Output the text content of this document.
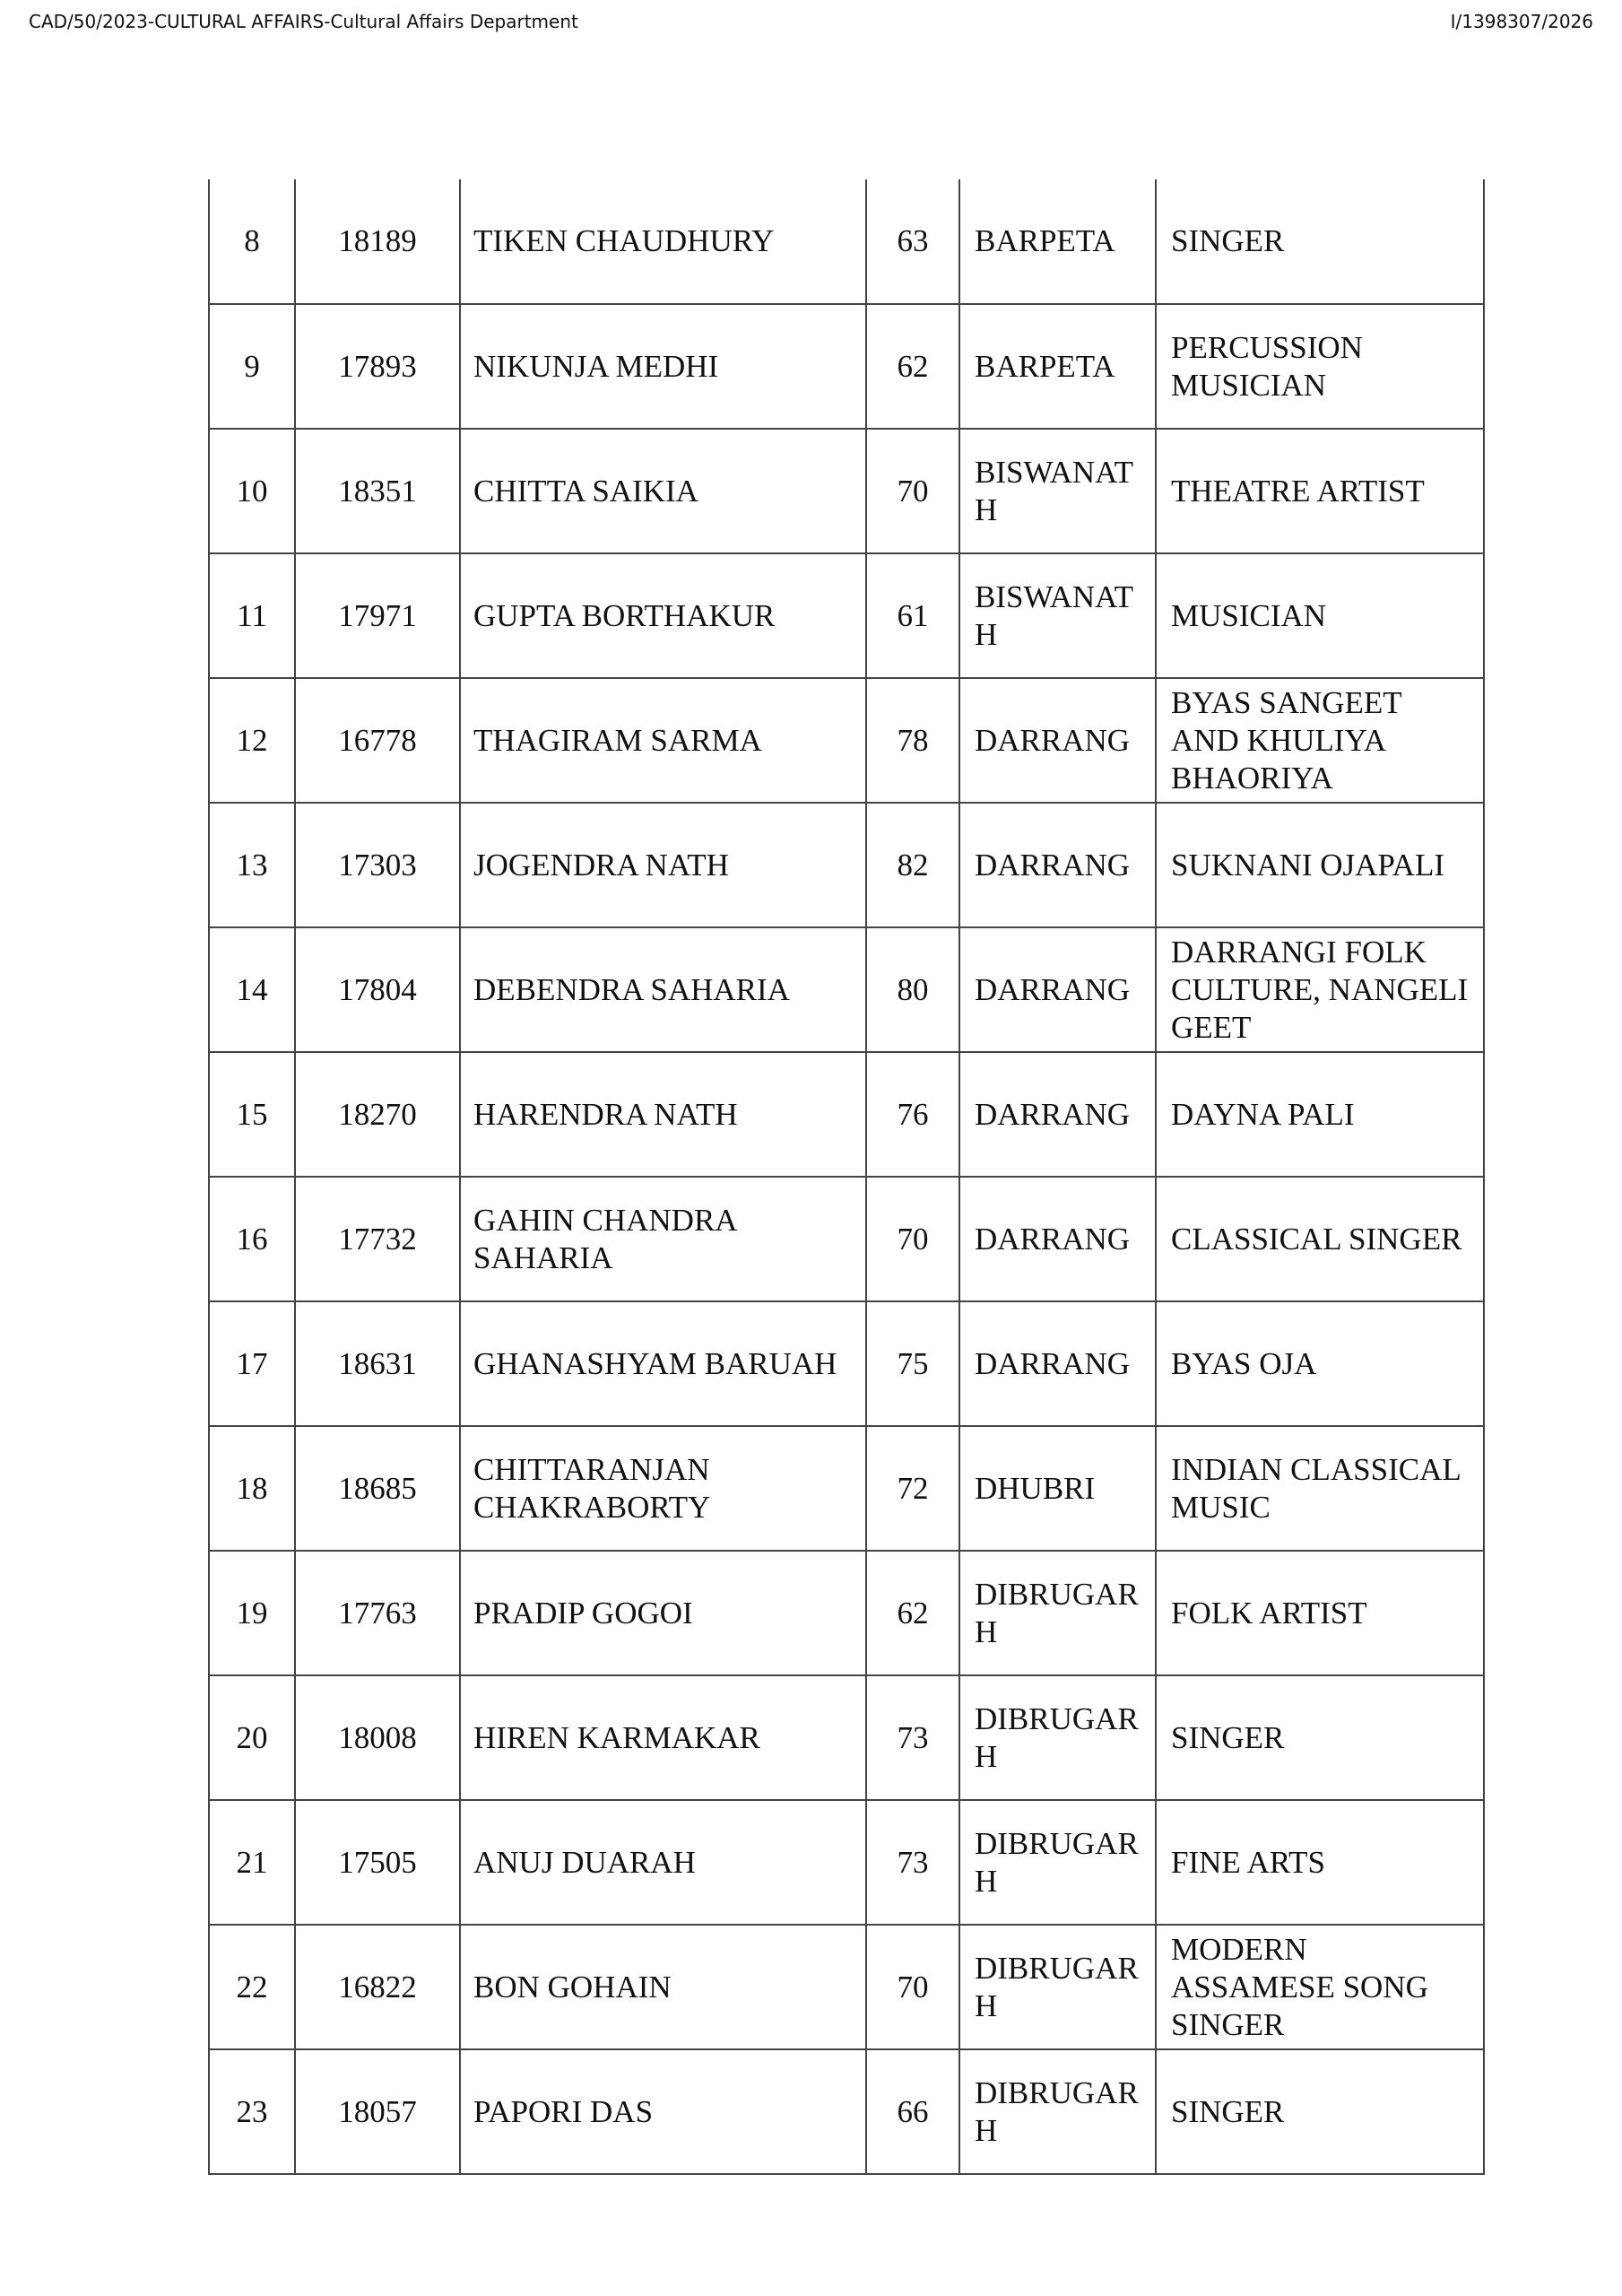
CAD/50/2023-CULTURAL AFFAIRS-Cultural Affairs Department	I/1398307/2026
8	18189	TIKEN CHAUDHURY	63	BARPETA	SINGER
9	17893	NIKUNJA MEDHI	62	BARPETA	PERCUSSION MUSICIAN
10	18351	CHITTA SAIKIA	70	BISWANATH	THEATRE ARTIST
11	17971	GUPTA BORTHAKUR	61	BISWANATH	MUSICIAN
12	16778	THAGIRAM SARMA	78	DARRANG	BYAS SANGEET AND KHULIYA BHAORIYA
13	17303	JOGENDRA NATH	82	DARRANG	SUKNANI OJAPALI
14	17804	DEBENDRA SAHARIA	80	DARRANG	DARRANGI FOLK CULTURE, NANGELI GEET
15	18270	HARENDRA NATH	76	DARRANG	DAYNA PALI
16	17732	GAHIN CHANDRA SAHARIA	70	DARRANG	CLASSICAL SINGER
17	18631	GHANASHYAM BARUAH	75	DARRANG	BYAS OJA
18	18685	CHITTARANJAN CHAKRABORTY	72	DHUBRI	INDIAN CLASSICAL MUSIC
19	17763	PRADIP GOGOI	62	DIBRUGARH	FOLK ARTIST
20	18008	HIREN KARMAKAR	73	DIBRUGARH	SINGER
21	17505	ANUJ DUARAH	73	DIBRUGARH	FINE ARTS
22	16822	BON GOHAIN	70	DIBRUGARH	MODERN ASSAMESE SONG SINGER
23	18057	PAPORI DAS	66	DIBRUGARH	SINGER
